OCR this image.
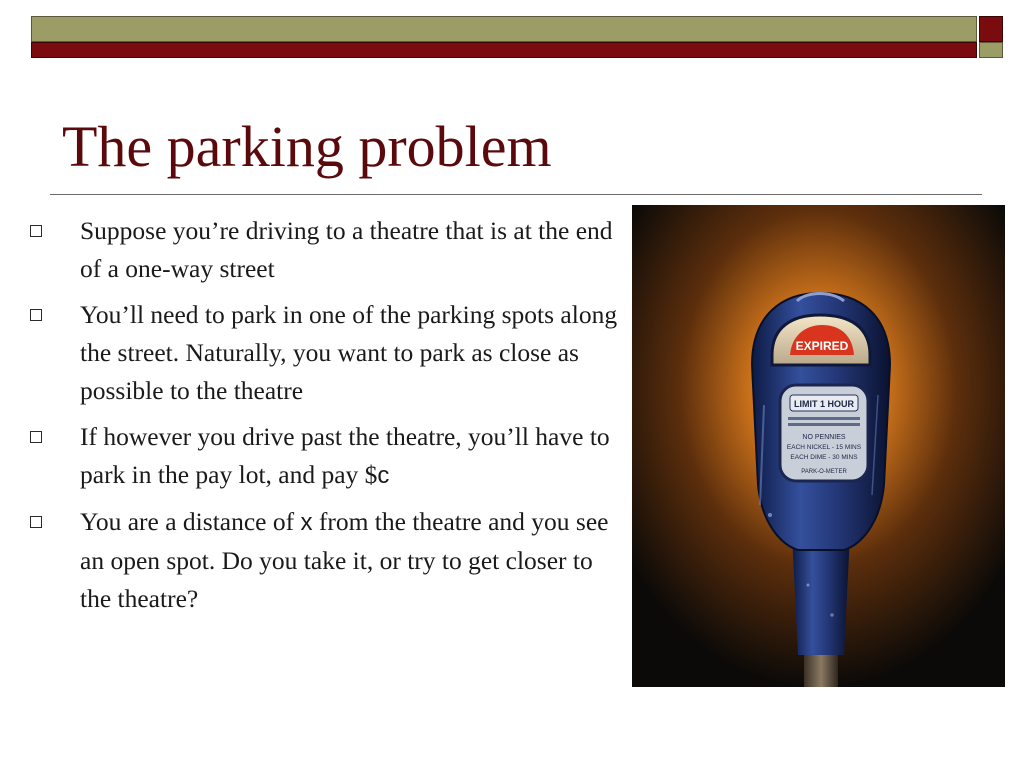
The parking problem
Suppose you’re driving to a theatre that is at the end of a one-way street
You’ll need to park in one of the parking spots along the street. Naturally, you want to park as close as possible to the theatre
If however you drive past the theatre, you’ll have to park in the pay lot, and pay $c
You are a distance of x from the theatre and you see an open spot. Do you take it, or try to get closer to the theatre?
EXPIRED
LIMIT 1 HOUR
NO PENNIES
EACH NICKEL - 15 MINS
EACH DIME - 30 MINS
PARK-O-METER
